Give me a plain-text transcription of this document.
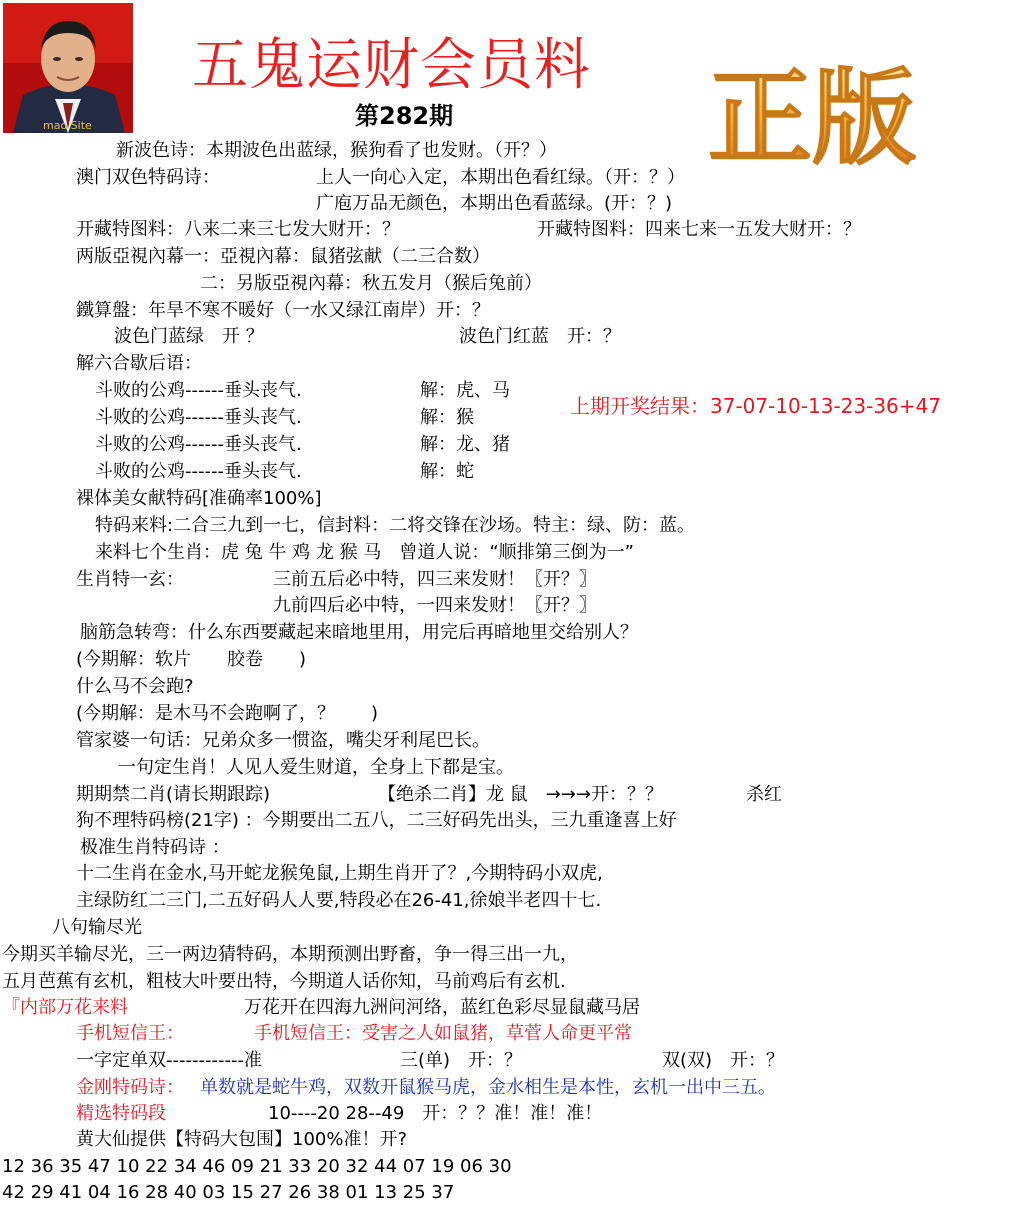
mao Site
五鬼运财会员料
第282期 正版
新波色诗：本期波色出蓝绿，猴狗看了也发财。（开？）
澳门双色特码诗：	上人一向心入定，本期出色看红绿。（开：？）
广庖万品无颜色，本期出色看蓝绿。(开：？)
开藏特图料：八来二来三七发大财开：？	开藏特图料：四来七来一五发大财开：？
两版亞視內幕一：亞視內幕：鼠猪弦献（二三合数）
二：另版亞視內幕：秋五发月（猴后兔前）
鐵算盤：年旱不寒不暖好（一水又绿江南岸）开：？
波色门蓝绿　开 ？	波色门红蓝　开：？
解六合歇后语：
斗败的公鸡------垂头丧气.	解：虎、马
斗败的公鸡------垂头丧气.	解：猴
斗败的公鸡------垂头丧气.	解：龙、猪
斗败的公鸡------垂头丧气.	解：蛇
上期开奖结果：37-07-10-13-23-36+47
裸体美女献特码[准确率100%]
特码来料:二合三九到一七，信封料：二将交锋在沙场。特主：绿、防：蓝。
来料七个生肖：虎 兔 牛 鸡 龙 猴 马　曾道人说：“顺排第三倒为一”
生肖特一玄：	三前五后必中特，四三来发财！〖开？〗
九前四后必中特，一四来发财！〖开？〗
脑筋急转弯：什么东西要藏起来暗地里用，用完后再暗地里交给别人？
(今期解：软片　　胶卷　　)
什么马不会跑?
(今期解：是木马不会跑啊了，？　　)
管家婆一句话：兄弟众多一惯盗，嘴尖牙利尾巴长。
一句定生肖！人见人爱生财道，全身上下都是宝。
期期禁二肖(请长期跟踪)	【绝杀二肖】龙 鼠　→→→开：？？	杀红
狗不理特码榜(21字) ：今期要出二五八，二三好码先出头，三九重逢喜上好
极准生肖特码诗 ：
十二生肖在金水,马开蛇龙猴兔鼠,上期生肖开了？,今期特码小双虎,
主绿防红二三门,二五好码人人要,特段必在26-41,徐娘半老四十七.
八句输尽光
今期买羊输尽光，三一两边猜特码，本期预测出野畜，争一得三出一九，
五月芭蕉有玄机，粗枝大叶要出特，今期道人话你知，马前鸡后有玄机.
『内部万花来料	万花开在四海九洲问河络，蓝红色彩尽显鼠藏马居
手机短信王：	手机短信王：受害之人如鼠猪，草菅人命更平常
一字定单双------------准	三(单)　开：？	双(双)　开：？
金刚特码诗： 单数就是蛇牛鸡，双数开鼠猴马虎，金水相生是本性，玄机一出中三五。
精选特码段	10----20 28--49　开：？？准！准！准！
黄大仙提供【特码大包围】100%准！开?
12 36 35 47 10 22 34 46 09 21 33 20 32 44 07 19 06 30
42 29 41 04 16 28 40 03 15 27 26 38 01 13 25 37
